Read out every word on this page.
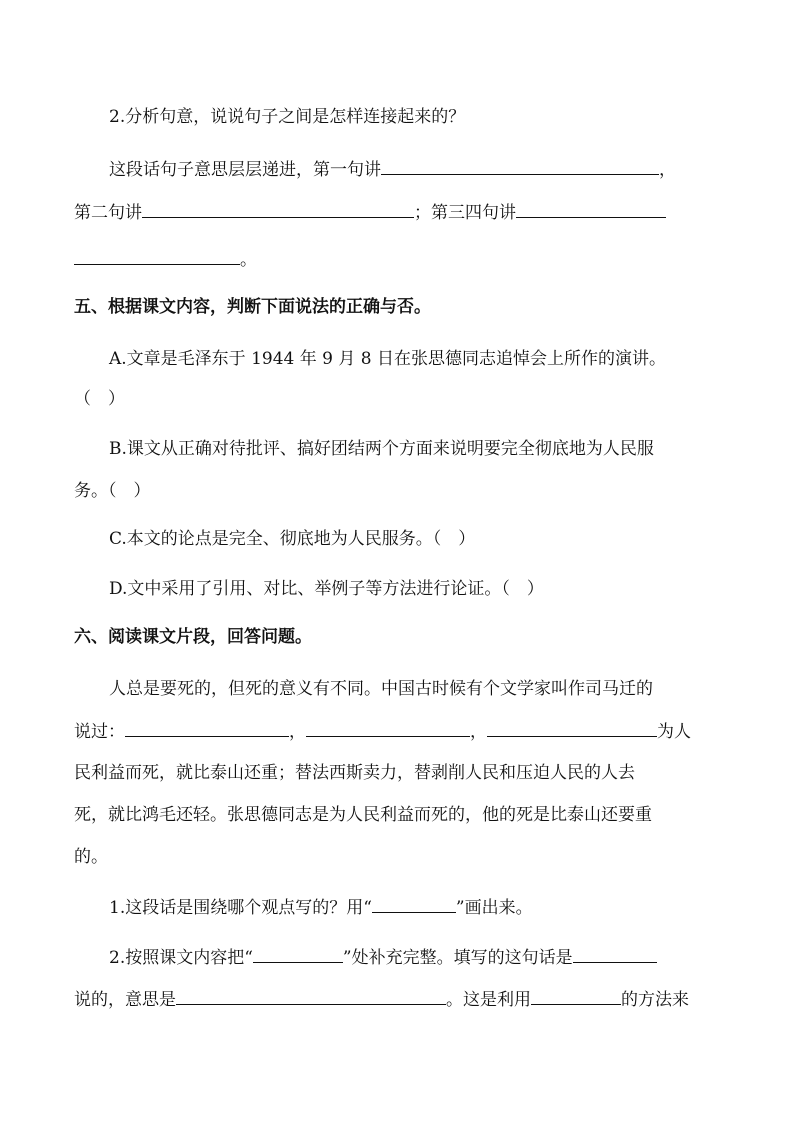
2.分析句意，说说句子之间是怎样连接起来的？
这段话句子意思层层递进，第一句讲	，
第二句讲	；第三四句讲
。
五、根据课文内容，判断下面说法的正确与否。
A.文章是毛泽东于 1944 年 9 月 8 日在张思德同志追悼会上所作的演讲。
（　）
B.课文从正确对待批评、搞好团结两个方面来说明要完全彻底地为人民服
务。（　）
C.本文的论点是完全、彻底地为人民服务。（　）
D.文中采用了引用、对比、举例子等方法进行论证。（　）
六、阅读课文片段，回答问题。
人总是要死的，但死的意义有不同。中国古时候有个文学家叫作司马迁的
说过：	，	，	为人
民利益而死，就比泰山还重；替法西斯卖力，替剥削人民和压迫人民的人去
死，就比鸿毛还轻。张思德同志是为人民利益而死的，他的死是比泰山还要重
的。
1.这段话是围绕哪个观点写的？用“	”画出来。
2.按照课文内容把“	”处补充完整。填写的这句话是
说的，意思是	。这是利用	的方法来
